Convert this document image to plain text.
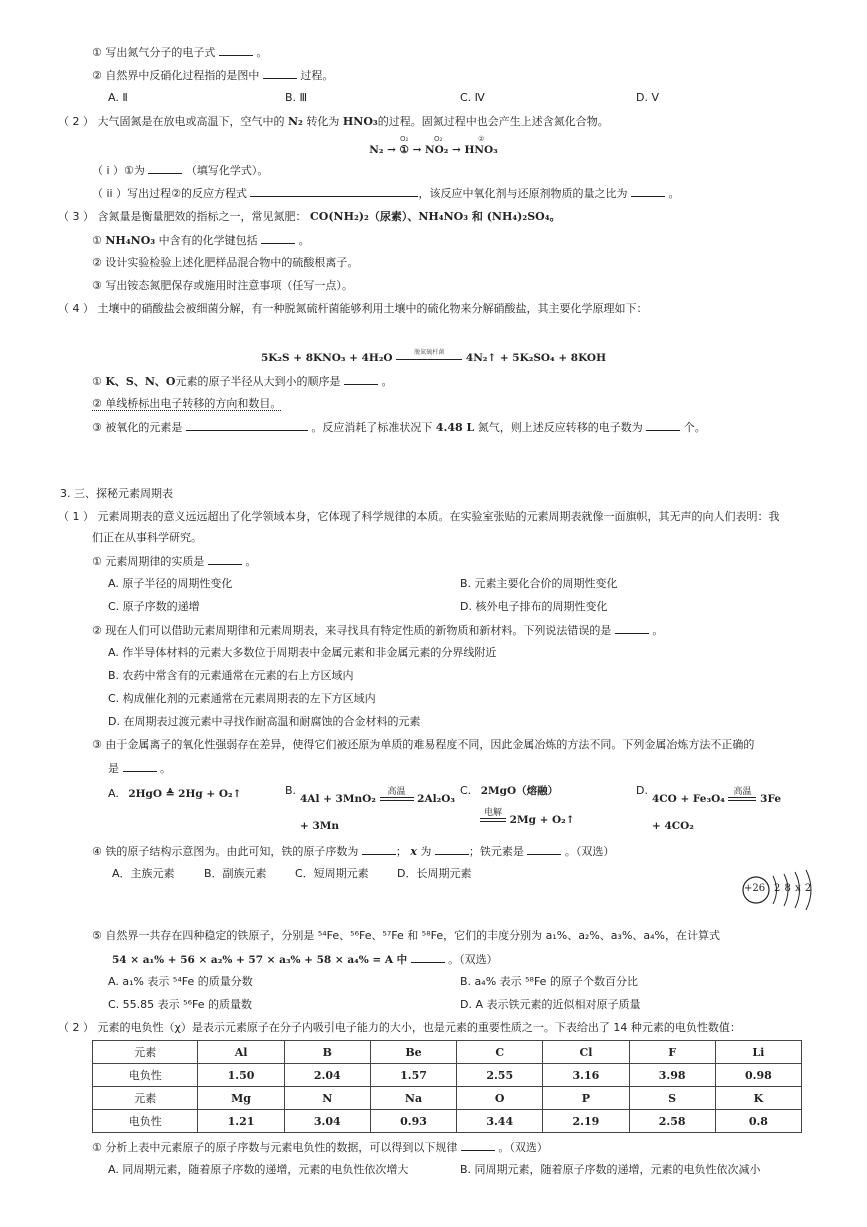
① 写出氮气分子的电子式	。
② 自然界中反硝化过程指的是图中	过程。
A. Ⅱ	B. Ⅲ	C. Ⅳ	D. Ⅴ
（ 2 ） 大气固氮是在放电或高温下，空气中的 N₂ 转化为 HNO₃的过程。固氮过程中也会产生上述含氮化合物。
O₂	O₂	②
N₂ → ① → NO₂ → HNO₃
（ i ）①为	（填写化学式）。
（ ii ）写出过程②的反应方程式	，该反应中氧化剂与还原剂物质的量之比为	。
（ 3 ） 含氮量是衡量肥效的指标之一，常见氮肥： CO(NH₂)₂（尿素）、NH₄NO₃ 和 (NH₄)₂SO₄。
① NH₄NO₃ 中含有的化学键包括	。
② 设计实验检验上述化肥样品混合物中的硫酸根离子。
③ 写出铵态氮肥保存或施用时注意事项（任写一点）。
（ 4 ） 土壤中的硝酸盐会被细菌分解，有一种脱氮硫杆菌能够利用土壤中的硫化物来分解硝酸盐，其主要化学原理如下：
5K₂S + 8KNO₃ + 4H₂O	脱氮硫杆菌	4N₂↑ + 5K₂SO₄ + 8KOH
① K、S、N、O元素的原子半径从大到小的顺序是	。
② 单线桥标出电子转移的方向和数目。
③ 被氧化的元素是	。反应消耗了标准状况下 4.48 L 氮气，则上述反应转移的电子数为	个。
3. 三、探秘元素周期表
（ 1 ） 元素周期表的意义远远超出了化学领域本身，它体现了科学规律的本质。在实验室张贴的元素周期表就像一面旗帜，其无声的向人们表明：我
们正在从事科学研究。
① 元素周期律的实质是	。
A. 原子半径的周期性变化	B. 元素主要化合价的周期性变化
C. 原子序数的递增	D. 核外电子排布的周期性变化
② 现在人们可以借助元素周期律和元素周期表，来寻找具有特定性质的新物质和新材料。下列说法错误的是	。
A. 作半导体材料的元素大多数位于周期表中金属元素和非金属元素的分界线附近
B. 农药中常含有的元素通常在元素的右上方区域内
C. 构成催化剂的元素通常在元素周期表的左下方区域内
D. 在周期表过渡元素中寻找作耐高温和耐腐蚀的合金材料的元素
③ 由于金属离子的氧化性强弱存在差异，使得它们被还原为单质的难易程度不同，因此金属冶炼的方法不同。下列金属冶炼方法不正确的
是	。
A. 2HgO ≜ 2Hg + O₂↑	B.
4Al + 3MnO₂
高温
2Al₂O₃
+ 3Mn
C. 2MgO（熔融）
电解
2Mg + O₂↑
D.
4CO + Fe₃O₄
高温
3Fe
+ 4CO₂
④ 铁的原子结构示意图为。由此可知，铁的原子序数为	； x 为	；铁元素是	。（双选）
A．主族元素	B．副族元素	C．短周期元素	D．长周期元素
+26 2 8 x 2
⑤ 自然界一共存在四种稳定的铁原子，分别是 ⁵⁴Fe、⁵⁶Fe、⁵⁷Fe 和 ⁵⁸Fe，它们的丰度分别为 a₁%、a₂%、a₃%、a₄%，在计算式
54 × a₁% + 56 × a₂% + 57 × a₃% + 58 × a₄% = A 中	。（双选）
A. a₁% 表示 ⁵⁴Fe 的质量分数	B. a₄% 表示 ⁵⁸Fe 的原子个数百分比
C. 55.85 表示 ⁵⁶Fe 的质量数	D. A 表示铁元素的近似相对原子质量
（ 2 ） 元素的电负性（χ）是表示元素原子在分子内吸引电子能力的大小，也是元素的重要性质之一。下表给出了 14 种元素的电负性数值：
元素	Al	B	Be	C	Cl	F	Li
电负性	1.50	2.04	1.57	2.55	3.16	3.98	0.98
元素	Mg	N	Na	O	P	S	K
电负性	1.21	3.04	0.93	3.44	2.19	2.58	0.8
① 分析上表中元素原子的原子序数与元素电负性的数据，可以得到以下规律	。（双选）
A. 同周期元素，随着原子序数的递增，元素的电负性依次增大	B. 同周期元素，随着原子序数的递增，元素的电负性依次减小
